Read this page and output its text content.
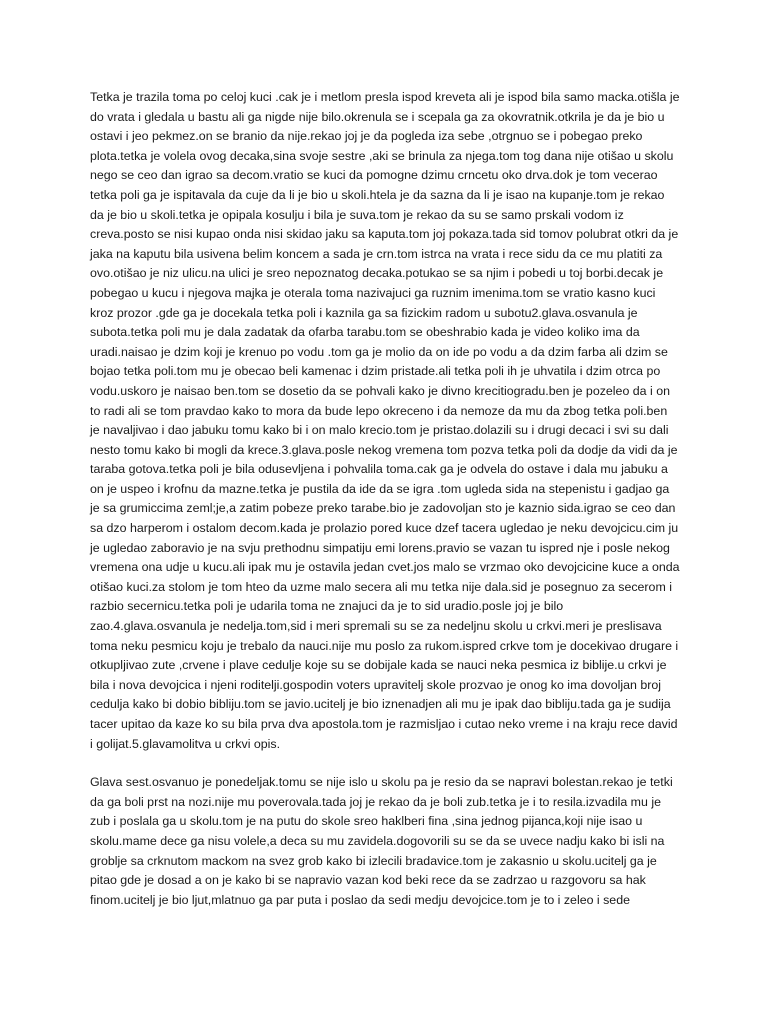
Tetka je trazila toma po celoj kuci .cak je i metlom presla ispod kreveta ali je ispod bila samo macka.otišla je do vrata i gledala u bastu ali ga nigde nije bilo.okrenula se i scepala ga za okovratnik.otkrila je da je bio u ostavi i jeo pekmez.on se branio da nije.rekao joj je da pogleda iza sebe ,otrgnuo se i pobegao preko plota.tetka je volela ovog decaka,sina svoje sestre ,aki se brinula za njega.tom tog dana nije otišao u skolu nego se ceo dan igrao sa decom.vratio se kuci da pomogne dzimu crncetu oko drva.dok je tom vecerao tetka poli ga je ispitavala da cuje da li je bio u skoli.htela je da sazna da li je isao na kupanje.tom je rekao da je bio u skoli.tetka je opipala kosulju i bila je suva.tom je rekao da su se samo prskali vodom iz creva.posto se nisi kupao onda nisi skidao jaku sa kaputa.tom joj pokaza.tada sid tomov polubrat otkri da je jaka na kaputu bila usivena belim koncem a sada je crn.tom istrca na vrata i rece sidu da ce mu platiti za ovo.otišao je niz ulicu.na ulici je sreo nepoznatog decaka.potukao se sa njim i pobedi u toj borbi.decak je pobegao u kucu i njegova majka je oterala toma nazivajuci ga ruznim imenima.tom se vratio kasno kuci kroz prozor .gde ga je docekala tetka poli i kaznila ga sa fizickim radom u subotu2.glava.osvanula je subota.tetka poli mu je dala zadatak da ofarba tarabu.tom se obeshrabio kada je video koliko ima da uradi.naisao je dzim koji je krenuo po vodu .tom ga je molio da on ide po vodu a da dzim farba ali dzim se bojao tetka poli.tom mu je obecao beli kamenac i dzim pristade.ali tetka poli ih je uhvatila i dzim otrca po vodu.uskoro je naisao ben.tom se dosetio da se pohvali kako je divno krecitiogradu.ben je pozeleo da i on to radi ali se tom pravdao kako to mora da bude lepo okreceno i da nemoze da mu da zbog tetka poli.ben je navaljivao i dao jabuku tomu kako bi i on malo krecio.tom je pristao.dolazili su i drugi decaci i svi su dali nesto tomu kako bi mogli da krece.3.glava.posle nekog vremena tom pozva tetka poli da dodje da vidi da je taraba gotova.tetka poli je bila odusevljena i pohvalila toma.cak ga je odvela do ostave i dala mu jabuku a on je uspeo i krofnu da mazne.tetka je pustila da ide da se igra .tom ugleda sida na stepenistu i gadjao ga je sa grumiccima zeml;je,a zatim pobeze preko tarabe.bio je zadovoljan sto je kaznio sida.igrao se ceo dan sa dzo harperom i ostalom decom.kada je prolazio pored kuce dzef tacera ugledao je neku devojcicu.cim ju je ugledao zaboravio je na svju prethodnu simpatiju emi lorens.pravio se vazan tu ispred nje i posle nekog vremena ona udje u kucu.ali ipak mu je ostavila jedan cvet.jos malo se vrzmao oko devojcicine kuce a onda otišao kuci.za stolom je tom hteo da uzme malo secera ali mu tetka nije dala.sid je posegnuo za secerom i razbio secernicu.tetka poli je udarila toma ne znajuci da je to sid uradio.posle joj je bilo zao.4.glava.osvanula je nedelja.tom,sid i meri spremali su se za nedeljnu skolu u crkvi.meri je preslisava toma neku pesmicu koju je trebalo da nauci.nije mu poslo za rukom.ispred crkve tom je docekivao drugare i otkupljivao zute ,crvene i plave cedulje koje su se dobijale kada se nauci neka pesmica iz biblije.u crkvi je bila i nova devojcica i njeni roditelji.gospodin voters upravitelj skole prozvao je onog ko ima dovoljan broj cedulja kako bi dobio bibliju.tom se javio.ucitelj je bio iznenadjen ali mu je ipak dao bibliju.tada ga je sudija tacer upitao da kaze ko su bila prva dva apostola.tom je razmisljao i cutao neko vreme i na kraju rece david i golijat.5.glavamolitva u crkvi opis.

Glava sest.osvanuo je ponedeljak.tomu se nije islo u skolu pa je resio da se napravi bolestan.rekao je tetki da ga boli prst na nozi.nije mu poverovala.tada joj je rekao da je boli zub.tetka je i to resila.izvadila mu je zub i poslala ga u skolu.tom je na putu do skole sreo haklberi fina ,sina jednog pijanca,koji nije isao u skolu.mame dece ga nisu volele,a deca su mu zavidela.dogovorili su se da se uvece nadju kako bi isli na groblje sa crknutom mackom na svez grob kako bi izlecili bradavice.tom je zakasnio u skolu.ucitelj ga je pitao gde je dosad a on je kako bi se napravio vazan kod beki rece da se zadrzao u razgovoru sa hak finom.ucitelj je bio ljut,mlatnuo ga par puta i poslao da sedi medju devojcice.tom je to i zeleo i sede
